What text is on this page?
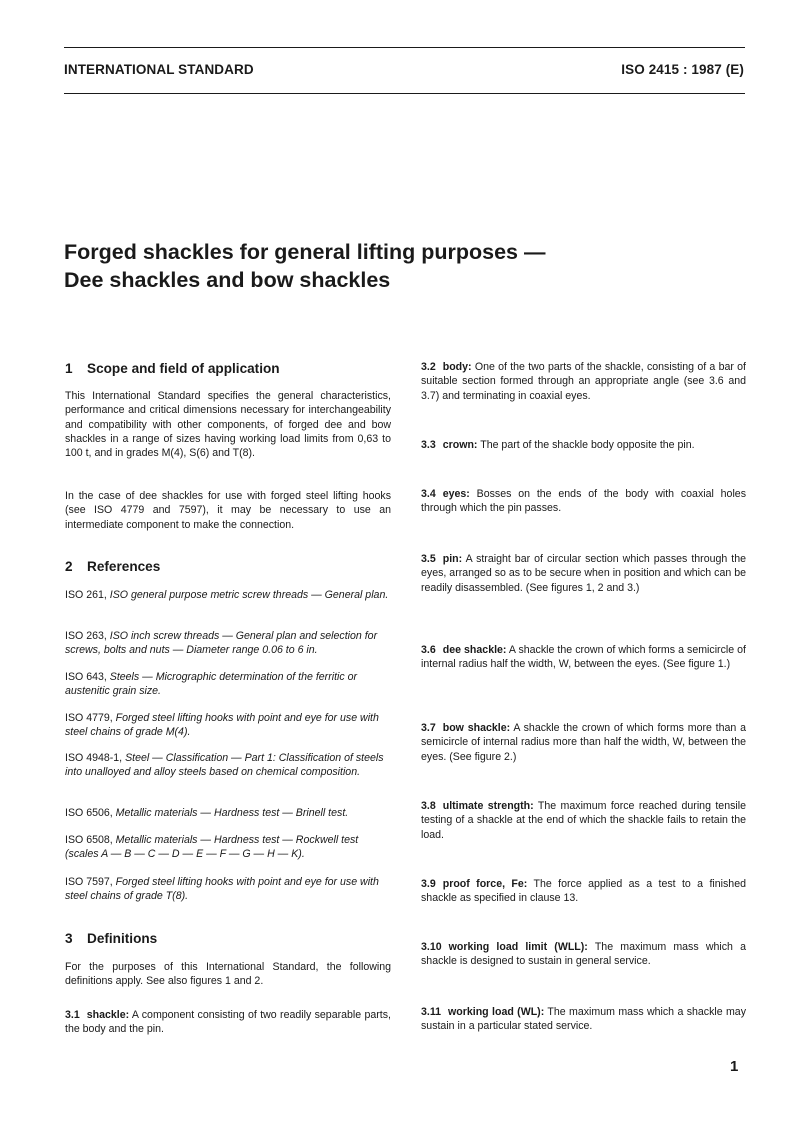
INTERNATIONAL STANDARD	ISO 2415 : 1987 (E)
Forged shackles for general lifting purposes —
Dee shackles and bow shackles
1 Scope and field of application
This International Standard specifies the general characteristics, performance and critical dimensions necessary for interchangeability and compatibility with other components, of forged dee and bow shackles in a range of sizes having working load limits from 0,63 to 100 t, and in grades M(4), S(6) and T(8).
In the case of dee shackles for use with forged steel lifting hooks (see ISO 4779 and 7597), it may be necessary to use an intermediate component to make the connection.
2 References
ISO 261, ISO general purpose metric screw threads — General plan.
ISO 263, ISO inch screw threads — General plan and selection for screws, bolts and nuts — Diameter range 0.06 to 6 in.
ISO 643, Steels — Micrographic determination of the ferritic or austenitic grain size.
ISO 4779, Forged steel lifting hooks with point and eye for use with steel chains of grade M(4).
ISO 4948-1, Steel — Classification — Part 1: Classification of steels into unalloyed and alloy steels based on chemical composition.
ISO 6506, Metallic materials — Hardness test — Brinell test.
ISO 6508, Metallic materials — Hardness test — Rockwell test (scales A — B — C — D — E — F — G — H — K).
ISO 7597, Forged steel lifting hooks with point and eye for use with steel chains of grade T(8).
3 Definitions
For the purposes of this International Standard, the following definitions apply. See also figures 1 and 2.
3.1 shackle: A component consisting of two readily separable parts, the body and the pin.
3.2 body: One of the two parts of the shackle, consisting of a bar of suitable section formed through an appropriate angle (see 3.6 and 3.7) and terminating in coaxial eyes.
3.3 crown: The part of the shackle body opposite the pin.
3.4 eyes: Bosses on the ends of the body with coaxial holes through which the pin passes.
3.5 pin: A straight bar of circular section which passes through the eyes, arranged so as to be secure when in position and which can be readily disassembled. (See figures 1, 2 and 3.)
3.6 dee shackle: A shackle the crown of which forms a semicircle of internal radius half the width, W, between the eyes. (See figure 1.)
3.7 bow shackle: A shackle the crown of which forms more than a semicircle of internal radius more than half the width, W, between the eyes. (See figure 2.)
3.8 ultimate strength: The maximum force reached during tensile testing of a shackle at the end of which the shackle fails to retain the load.
3.9 proof force, Fe: The force applied as a test to a finished shackle as specified in clause 13.
3.10 working load limit (WLL): The maximum mass which a shackle is designed to sustain in general service.
3.11 working load (WL): The maximum mass which a shackle may sustain in a particular stated service.
1
